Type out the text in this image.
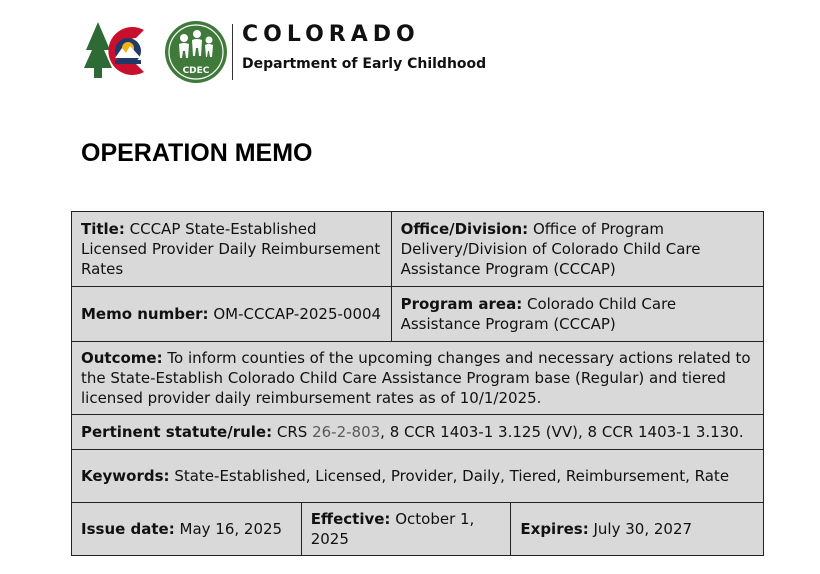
CDEC
COLORADO
Department of Early Childhood
OPERATION MEMO
Title: CCCAP State-Established Licensed Provider Daily Reimbursement Rates		Office/Division: Office of Program Delivery/Division of Colorado Child Care Assistance Program (CCCAP)	
Memo number: OM-CCCAP-2025-0004		Program area: Colorado Child Care Assistance Program (CCCAP)	
Outcome: To inform counties of the upcoming changes and necessary actions related to the State-Establish Colorado Child Care Assistance Program base (Regular) and tiered licensed provider daily reimbursement rates as of 10/1/2025.			
Pertinent statute/rule: CRS 26-2-803, 8 CCR 1403-1 3.125 (VV), 8 CCR 1403-1 3.130.			
Keywords: State-Established, Licensed, Provider, Daily, Tiered, Reimbursement, Rate			
Issue date: May 16, 2025	Effective: October 1, 2025		Expires: July 30, 2027
